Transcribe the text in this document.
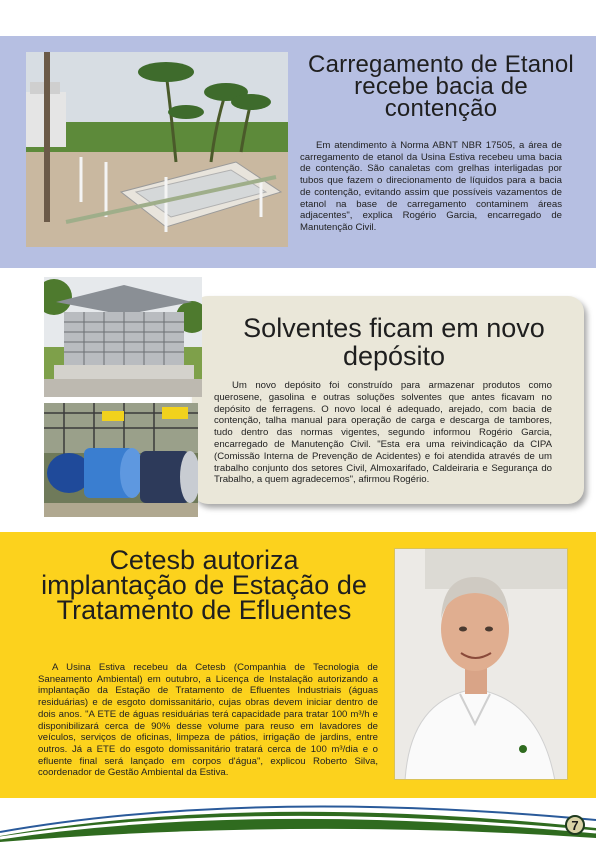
Carregamento de Etanol recebe bacia de contenção
Em atendimento à Norma ABNT NBR 17505, a área de carregamento de etanol da Usina Estiva recebeu uma bacia de contenção. São canaletas com grelhas interligadas por tubos que fazem o direcionamento de líquidos para a bacia de contenção, evitando assim que possíveis vazamentos de etanol na base de carregamento contaminem áreas adjacentes", explica Rogério Garcia, encarregado de Manutenção Civil.
Solventes ficam em novo depósito
Um novo depósito foi construído para armazenar produtos como querosene, gasolina e outras soluções solventes que antes ficavam no depósito de ferragens. O novo local é adequado, arejado, com bacia de contenção, talha manual para operação de carga e descarga de tambores, tudo dentro das normas vigentes, segundo informou Rogério Garcia, encarregado de Manutenção Civil. "Esta era uma reivindicação da CIPA (Comissão Interna de Prevenção de Acidentes) e foi atendida através de um trabalho conjunto dos setores Civil, Almoxarifado, Caldeiraria e Segurança do Trabalho, a quem agradecemos", afirmou Rogério.
Cetesb autoriza implantação de Estação de Tratamento de Efluentes
A Usina Estiva recebeu da Cetesb (Companhia de Tecnologia de Saneamento Ambiental) em outubro, a Licença de Instalação autorizando a implantação da Estação de Tratamento de Efluentes Industriais (águas residuárias) e de esgoto domissanitário, cujas obras devem iniciar dentro de dois anos. "A ETE de águas residuárias terá capacidade para tratar 100 m³/h e disponibilizará cerca de 90% desse volume para reuso em lavadores de veículos, serviços de oficinas, limpeza de pátios, irrigação de jardins, entre outros. Já a ETE do esgoto domissanitário tratará cerca de 100 m³/dia e o efluente final será lançado em corpos d'água", explicou Roberto Silva, coordenador de Gestão Ambiental da Estiva.
7
